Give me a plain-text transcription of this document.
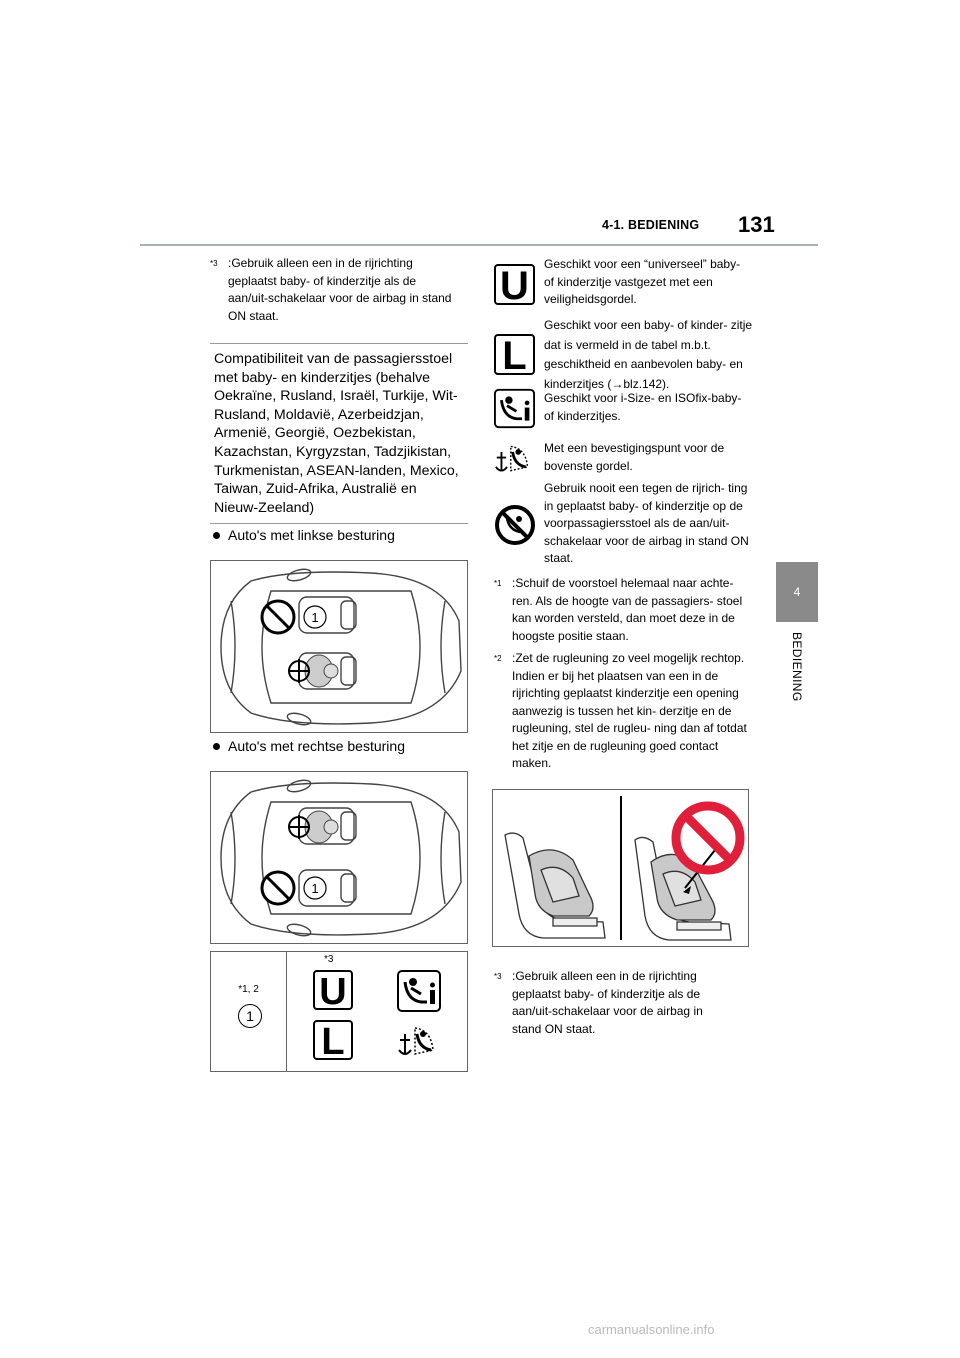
4-1. BEDIENING 131
4
BEDIENING
$^{*3}$ :Gebruik alleen een in de rijrichting geplaatst baby- of kinderzitje als de aan/uit-schakelaar voor de airbag in stand ON staat.
Compatibiliteit van de passagiersstoel met baby- en kinderzitjes (behalve Oekraïne, Rusland, Israël, Turkije, Wit-Rusland, Moldavië, Azerbeidzjan, Armenië, Georgië, Oezbekistan, Kazachstan, Kyrgyzstan, Tadzjikistan, Turkmenistan, ASEAN-landen, Mexico, Taiwan, Zuid-Afrika, Australië en Nieuw-Zeeland)
Auto's met linkse besturing
1
Auto's met rechtse besturing
1
*1, 2
1
*3
U
L
U	Geschikt voor een “universeel” baby- of kinderzitje vastgezet met een veiligheidsgordel.
L
Geschikt voor een baby- of kinder- zitje dat is vermeld in de tabel m.b.t. geschiktheid en aanbevolen baby- en kinderzitjes (→blz.142).
Geschikt voor i-Size- en ISOfix-baby- of kinderzitjes.
Met een bevestigingspunt voor de bovenste gordel.
Gebruik nooit een tegen de rijrich- ting in geplaatst baby- of kinderzitje op de voorpassagiersstoel als de aan/uit-schakelaar voor de airbag in stand ON staat.
$^{*1}$ :Schuif de voorstoel helemaal naar achte- ren. Als de hoogte van de passagiers- stoel kan worden versteld, dan moet deze in de hoogste positie staan.
$^{*2}$ :Zet de rugleuning zo veel mogelijk rechtop. Indien er bij het plaatsen van een in de rijrichting geplaatst kinderzitje een opening aanwezig is tussen het kin- derzitje en de rugleuning, stel de rugleu- ning dan af totdat het zitje en de rugleuning goed contact maken.
$^{*3}$ :Gebruik alleen een in de rijrichting geplaatst baby- of kinderzitje als de aan/uit-schakelaar voor de airbag in stand ON staat.
carmanualsonline.info
